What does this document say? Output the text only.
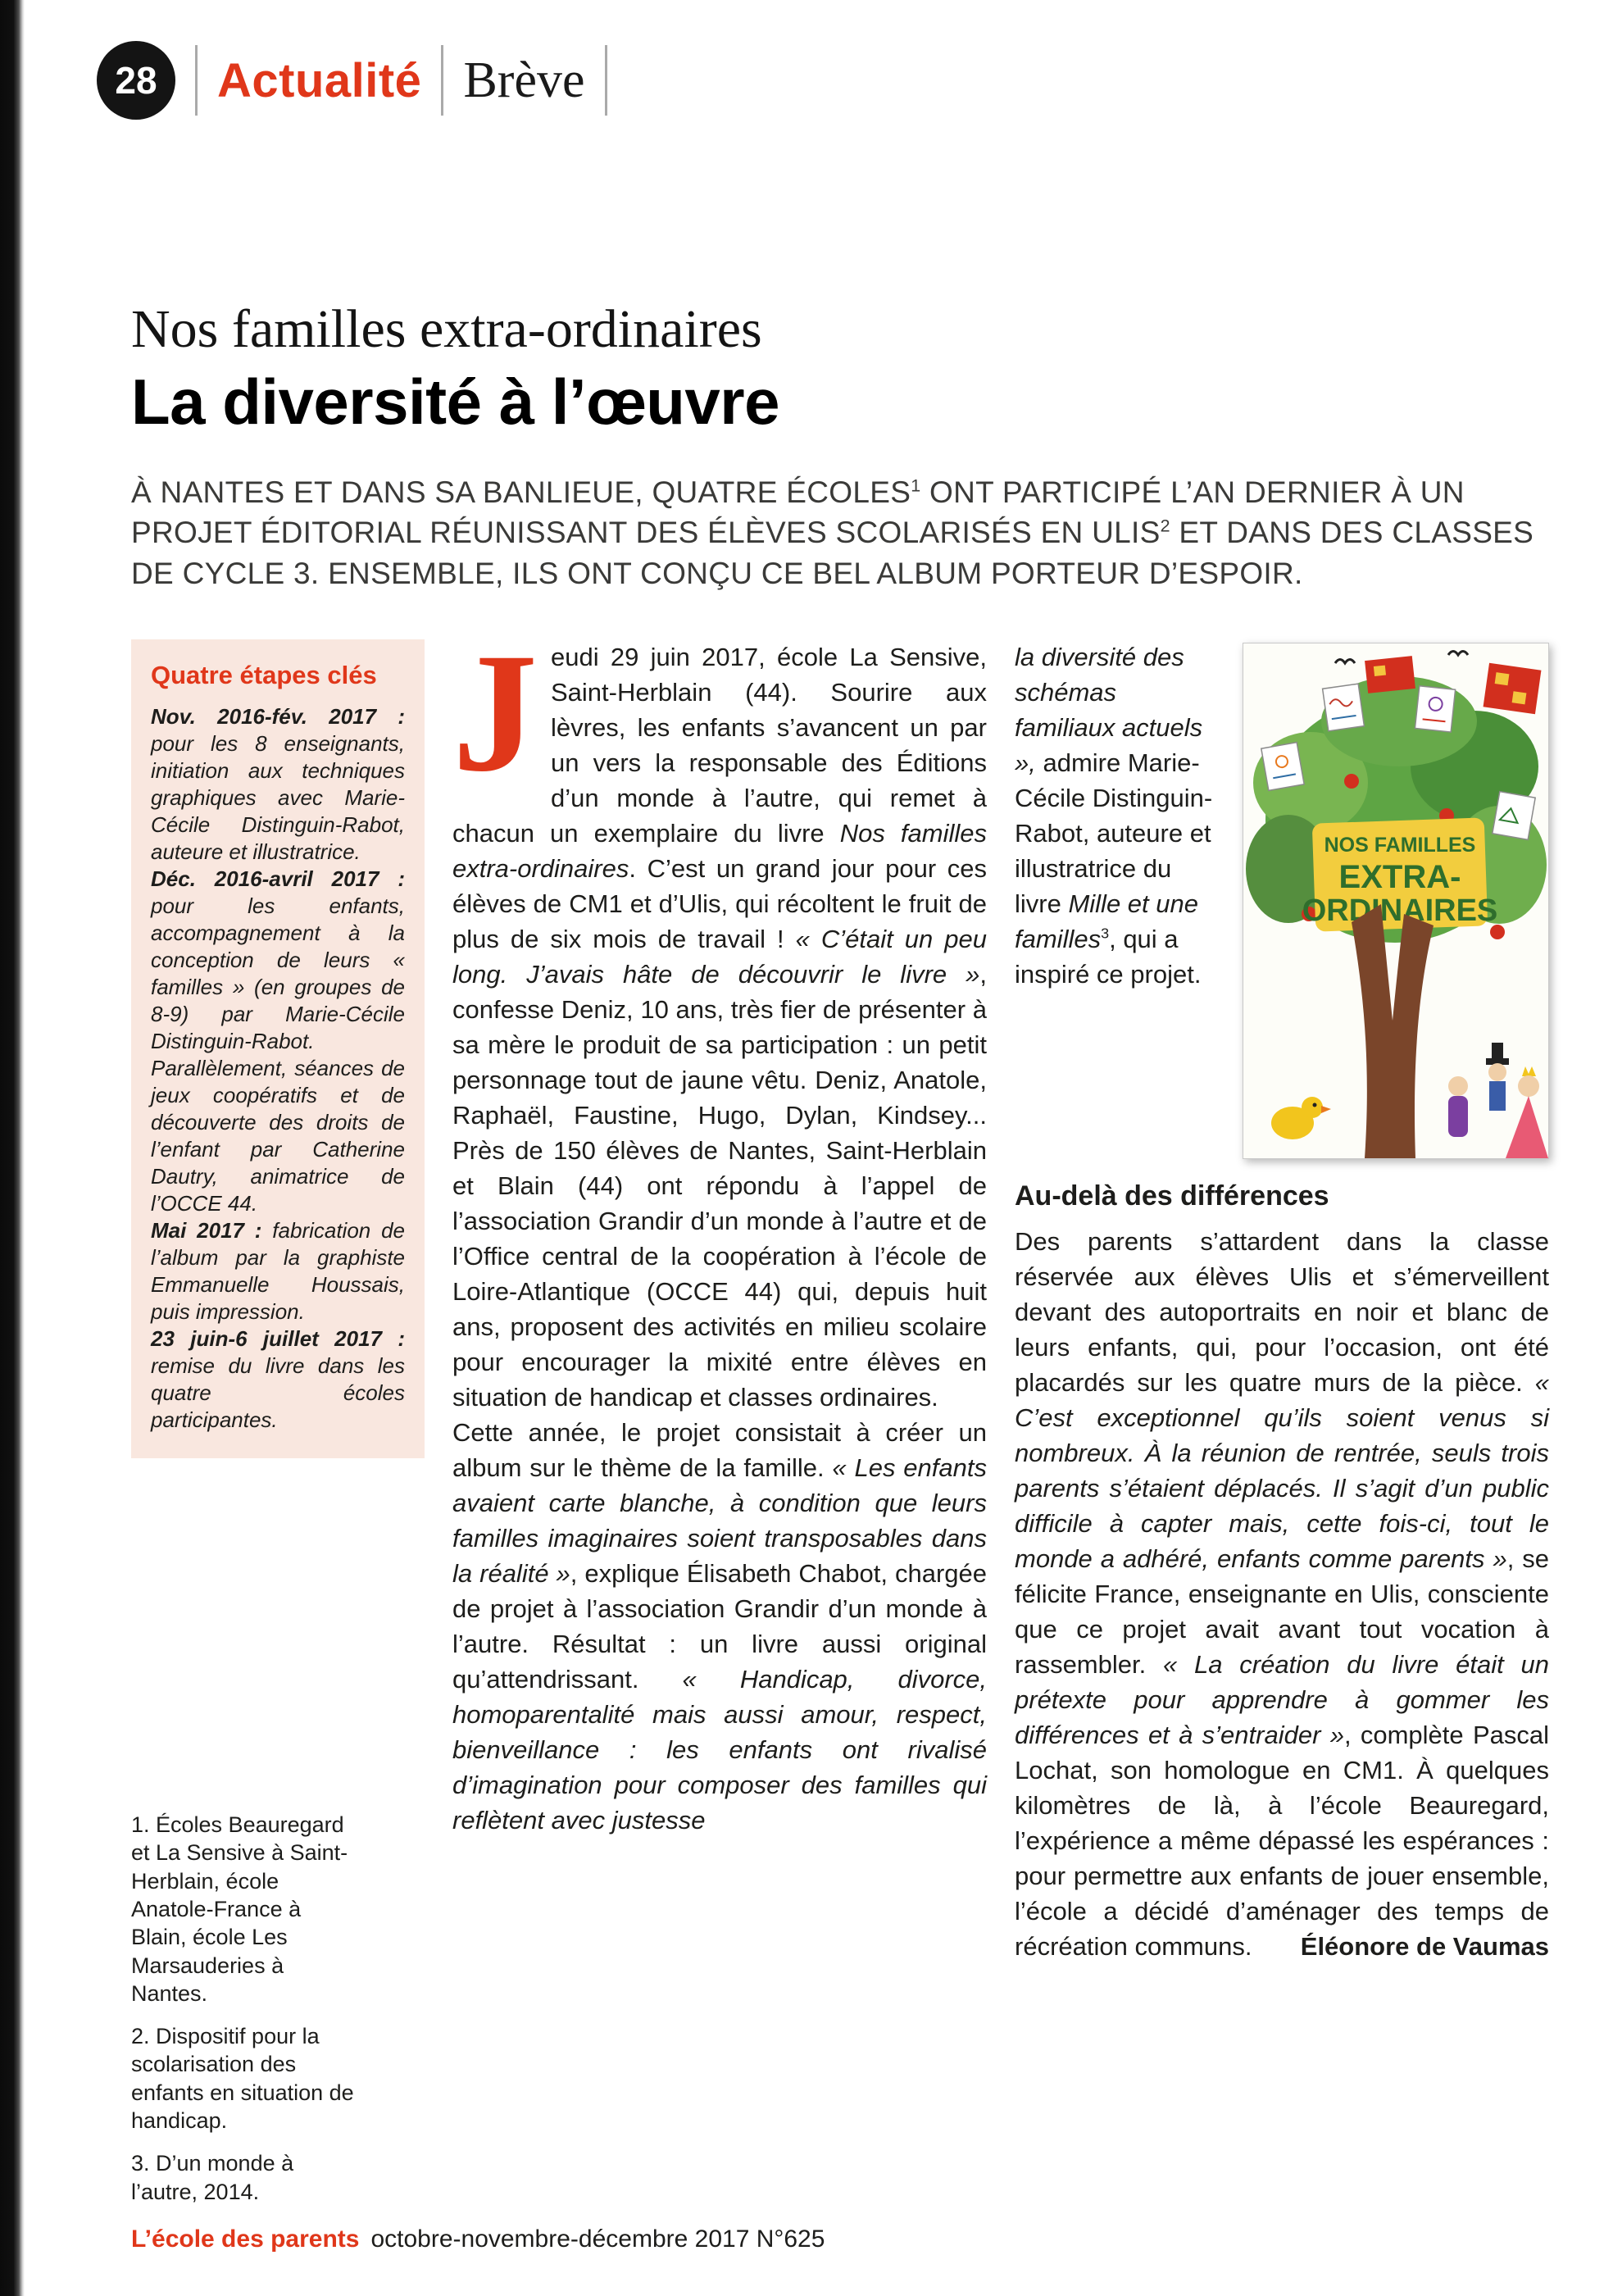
28 Actualité Brève
Nos familles extra-ordinaires
La diversité à l’œuvre

À NANTES ET DANS SA BANLIEUE, QUATRE ÉCOLES$^1$ ONT PARTICIPÉ L’AN DERNIER À UN PROJET ÉDITORIAL RÉUNISSANT DES ÉLÈVES SCOLARISÉS EN ULIS$^2$ ET DANS DES CLASSES DE CYCLE 3. ENSEMBLE, ILS ONT CONÇU CE BEL ALBUM PORTEUR D’ESPOIR.

Quatre étapes clés

Nov. 2016-fév. 2017 : pour les 8 enseignants, initiation aux techniques graphiques avec Marie-Cécile Distinguin-Rabot, auteure et illustratrice.

Déc. 2016-avril 2017 : pour les enfants, accompagnement à la conception de leurs « familles » (en groupes de 8-9) par Marie-Cécile Distinguin-Rabot. Parallèlement, séances de jeux coopératifs et de découverte des droits de l’enfant par Catherine Dautry, animatrice de l’OCCE 44.

Mai 2017 : fabrication de l’album par la graphiste Emmanuelle Houssais, puis impression.

23 juin-6 juillet 2017 : remise du livre dans les quatre écoles participantes.

1. Écoles Beauregard et La Sensive à Saint-Herblain, école Anatole-France à Blain, école Les Marsauderies à Nantes.

2. Dispositif pour la scolarisation des enfants en situation de handicap.

3. D’un monde à l’autre, 2014.

Jeudi 29 juin 2017, école La Sensive, Saint-Herblain (44). Sourire aux lèvres, les enfants s’avancent un par un vers la responsable des Éditions d’un monde à l’autre, qui remet à chacun un exemplaire du livre Nos familles extra-ordinaires. C’est un grand jour pour ces élèves de CM1 et d’Ulis, qui récoltent le fruit de plus de six mois de travail ! « C’était un peu long. J’avais hâte de découvrir le livre », confesse Deniz, 10 ans, très fier de présenter à sa mère le produit de sa participation : un petit personnage tout de jaune vêtu. Deniz, Anatole, Raphaël, Faustine, Hugo, Dylan, Kindsey... Près de 150 élèves de Nantes, Saint-Herblain et Blain (44) ont répondu à l’appel de l’association Grandir d’un monde à l’autre et de l’Office central de la coopération à l’école de Loire-Atlantique (OCCE 44) qui, depuis huit ans, proposent des activités en milieu scolaire pour encourager la mixité entre élèves en situation de handicap et classes ordinaires.

Cette année, le projet consistait à créer un album sur le thème de la famille. « Les enfants avaient carte blanche, à condition que leurs familles imaginaires soient transposables dans la réalité », explique Élisabeth Chabot, chargée de projet à l’association Grandir d’un monde à l’autre. Résultat : un livre aussi original qu’attendrissant. « Handicap, divorce, homoparentalité mais aussi amour, respect, bienveillance : les enfants ont rivalisé d’imagination pour composer des familles qui reflètent avec justesse

NOS FAMILLES
EXTRA-
ORDINAIRES

la diversité des schémas familiaux actuels », admire Marie-Cécile Distinguin-Rabot, auteure et illustratrice du livre Mille et une familles$^3$, qui a inspiré ce projet.

Au-delà des différences

Des parents s’attardent dans la classe réservée aux élèves Ulis et s’émerveillent devant des autoportraits en noir et blanc de leurs enfants, qui, pour l’occasion, ont été placardés sur les quatre murs de la pièce. « C’est exceptionnel qu’ils soient venus si nombreux. À la réunion de rentrée, seuls trois parents s’étaient déplacés. Il s’agit d’un public difficile à capter mais, cette fois-ci, tout le monde a adhéré, enfants comme parents », se félicite France, enseignante en Ulis, consciente que ce projet avait avant tout vocation à rassembler. « La création du livre était un prétexte pour apprendre à gommer les différences et à s’entraider », complète Pascal Lochat, son homologue en CM1. À quelques kilomètres de là, à l’école Beauregard, l’expérience a même dépassé les espérances : pour permettre aux enfants de jouer ensemble, l’école a décidé d’aménager des temps de récréation communs.	Éléonore de Vaumas
L’école des parents octobre-novembre-décembre 2017 N°625
